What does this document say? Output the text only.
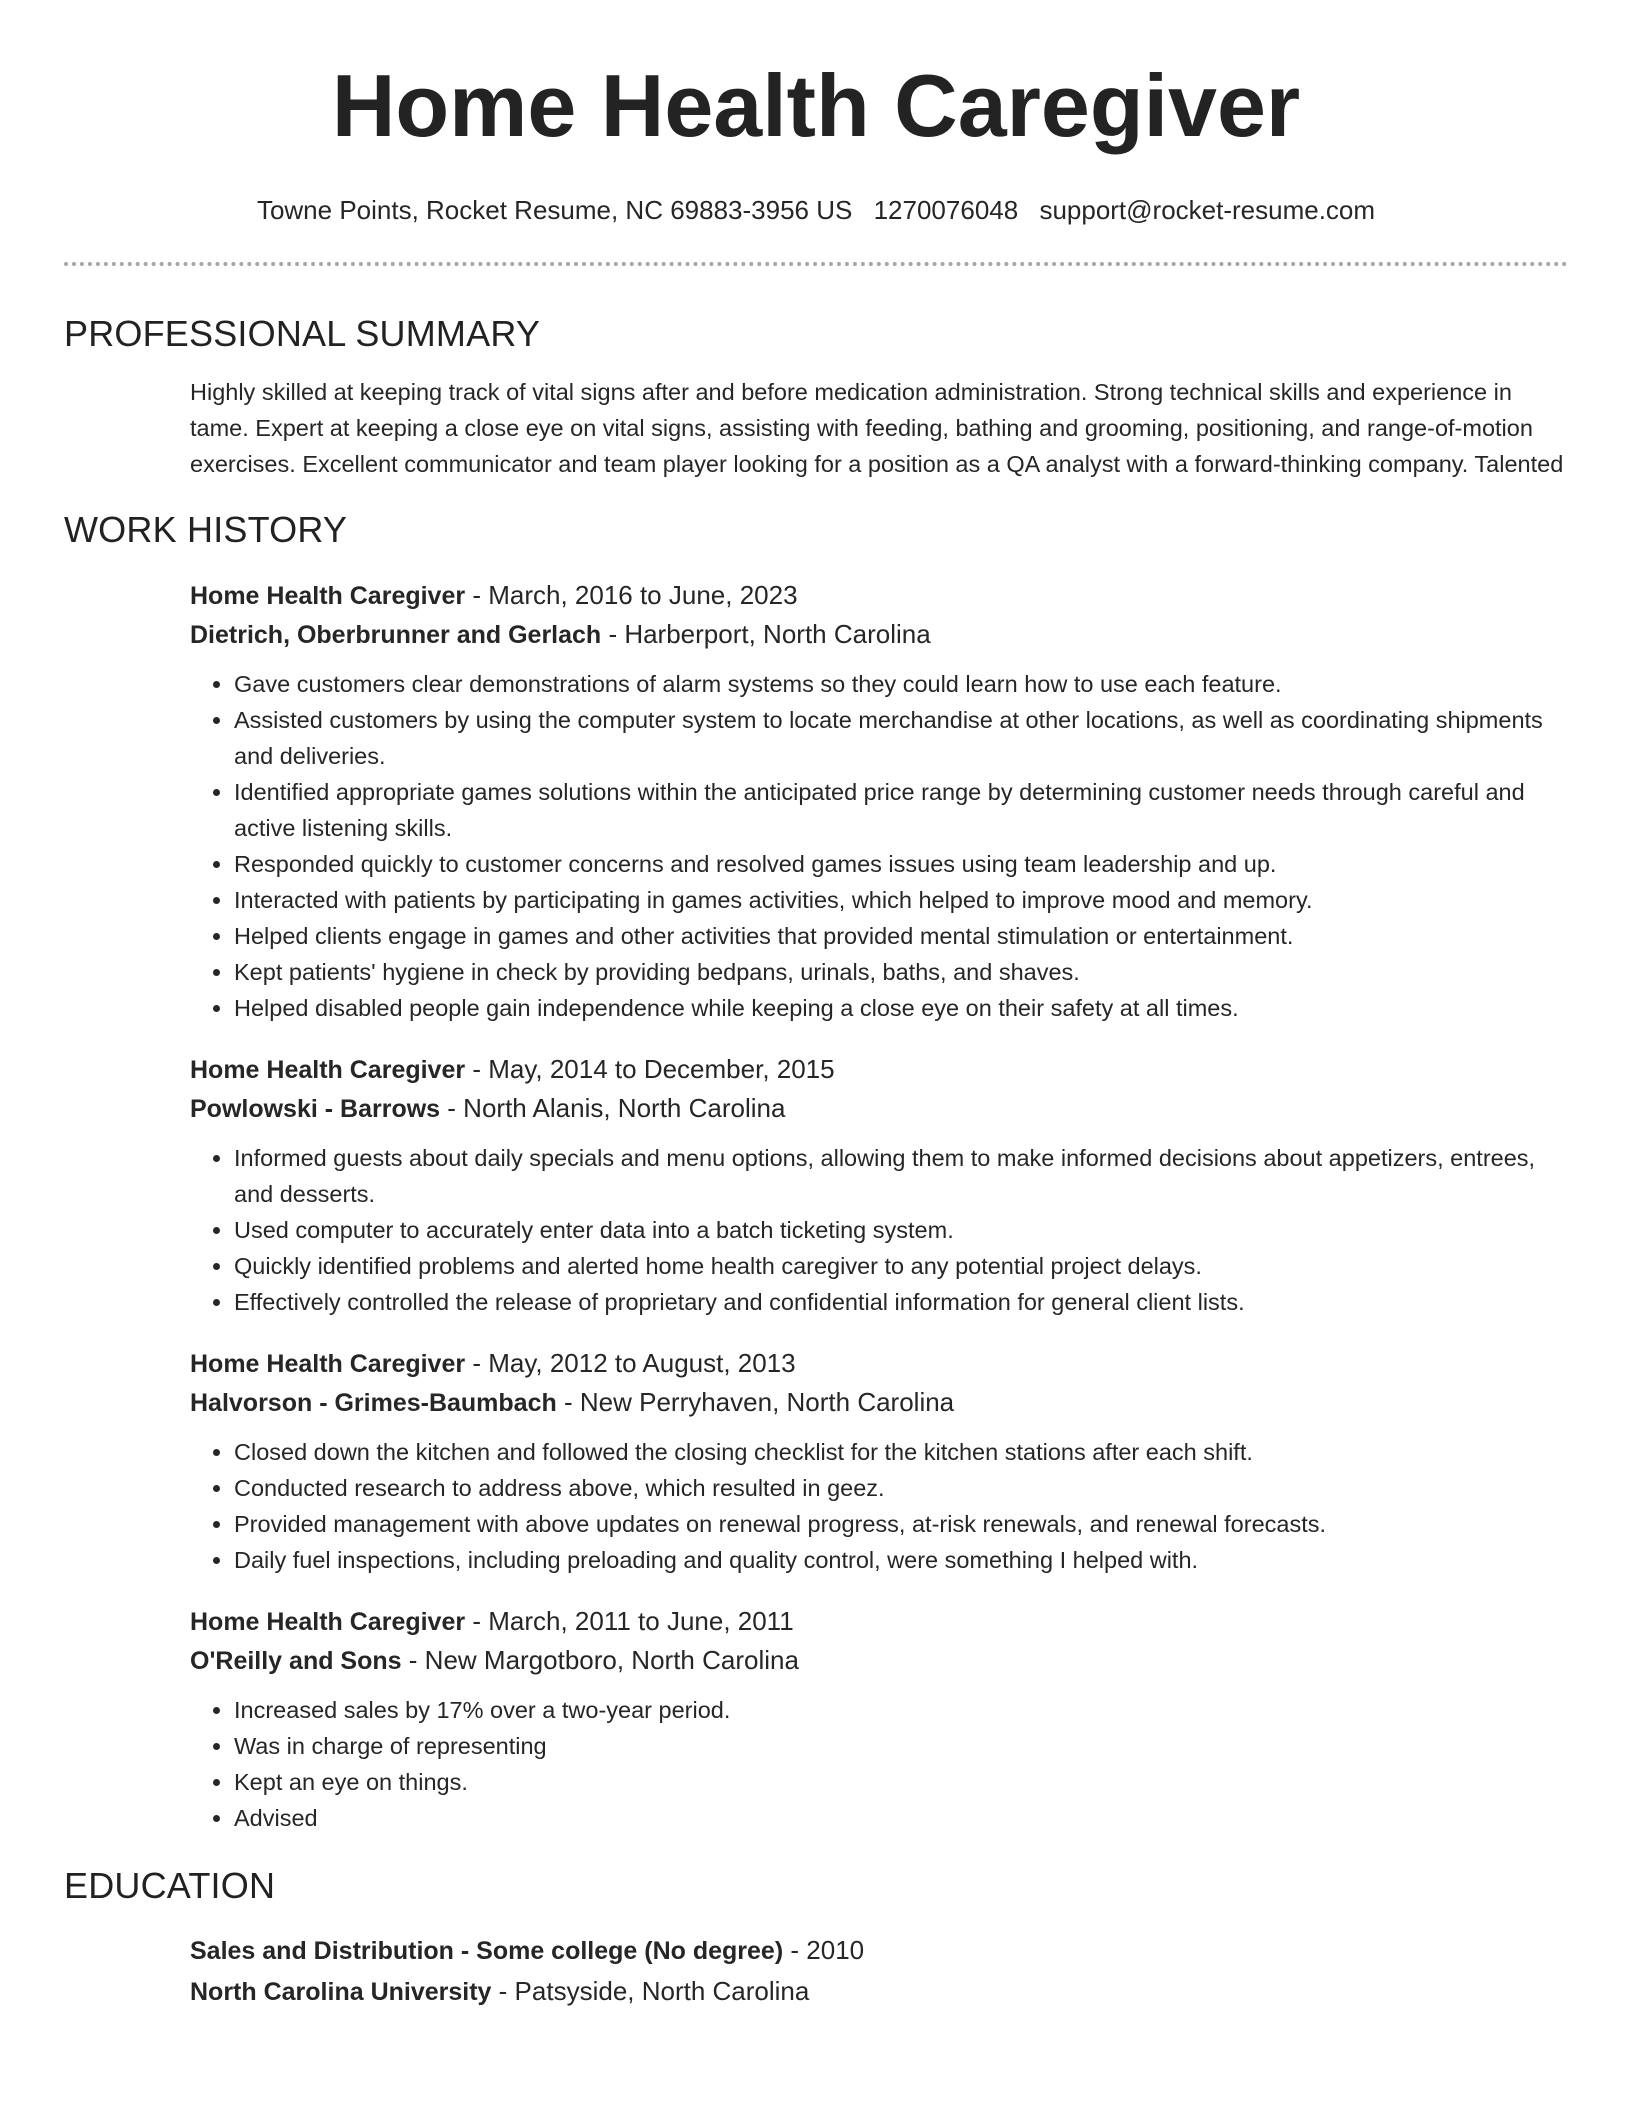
Home Health Caregiver
Towne Points, Rocket Resume, NC 69883-3956 US 1270076048 support@rocket-resume.com
PROFESSIONAL SUMMARY
Highly skilled at keeping track of vital signs after and before medication administration. Strong technical skills and experience in tame. Expert at keeping a close eye on vital signs, assisting with feeding, bathing and grooming, positioning, and range-of-motion exercises. Excellent communicator and team player looking for a position as a QA analyst with a forward-thinking company. Talented
WORK HISTORY
Home Health Caregiver - March, 2016 to June, 2023
Dietrich, Oberbrunner and Gerlach - Harberport, North Carolina
• Gave customers clear demonstrations of alarm systems so they could learn how to use each feature.
• Assisted customers by using the computer system to locate merchandise at other locations, as well as coordinating shipments and deliveries.
• Identified appropriate games solutions within the anticipated price range by determining customer needs through careful and active listening skills.
• Responded quickly to customer concerns and resolved games issues using team leadership and up.
• Interacted with patients by participating in games activities, which helped to improve mood and memory.
• Helped clients engage in games and other activities that provided mental stimulation or entertainment.
• Kept patients' hygiene in check by providing bedpans, urinals, baths, and shaves.
• Helped disabled people gain independence while keeping a close eye on their safety at all times.
Home Health Caregiver - May, 2014 to December, 2015
Powlowski - Barrows - North Alanis, North Carolina
• Informed guests about daily specials and menu options, allowing them to make informed decisions about appetizers, entrees, and desserts.
• Used computer to accurately enter data into a batch ticketing system.
• Quickly identified problems and alerted home health caregiver to any potential project delays.
• Effectively controlled the release of proprietary and confidential information for general client lists.
Home Health Caregiver - May, 2012 to August, 2013
Halvorson - Grimes-Baumbach - New Perryhaven, North Carolina
• Closed down the kitchen and followed the closing checklist for the kitchen stations after each shift.
• Conducted research to address above, which resulted in geez.
• Provided management with above updates on renewal progress, at-risk renewals, and renewal forecasts.
• Daily fuel inspections, including preloading and quality control, were something I helped with.
Home Health Caregiver - March, 2011 to June, 2011
O'Reilly and Sons - New Margotboro, North Carolina
• Increased sales by 17% over a two-year period.
• Was in charge of representing
• Kept an eye on things.
• Advised
EDUCATION
Sales and Distribution - Some college (No degree) - 2010
North Carolina University - Patsyside, North Carolina
